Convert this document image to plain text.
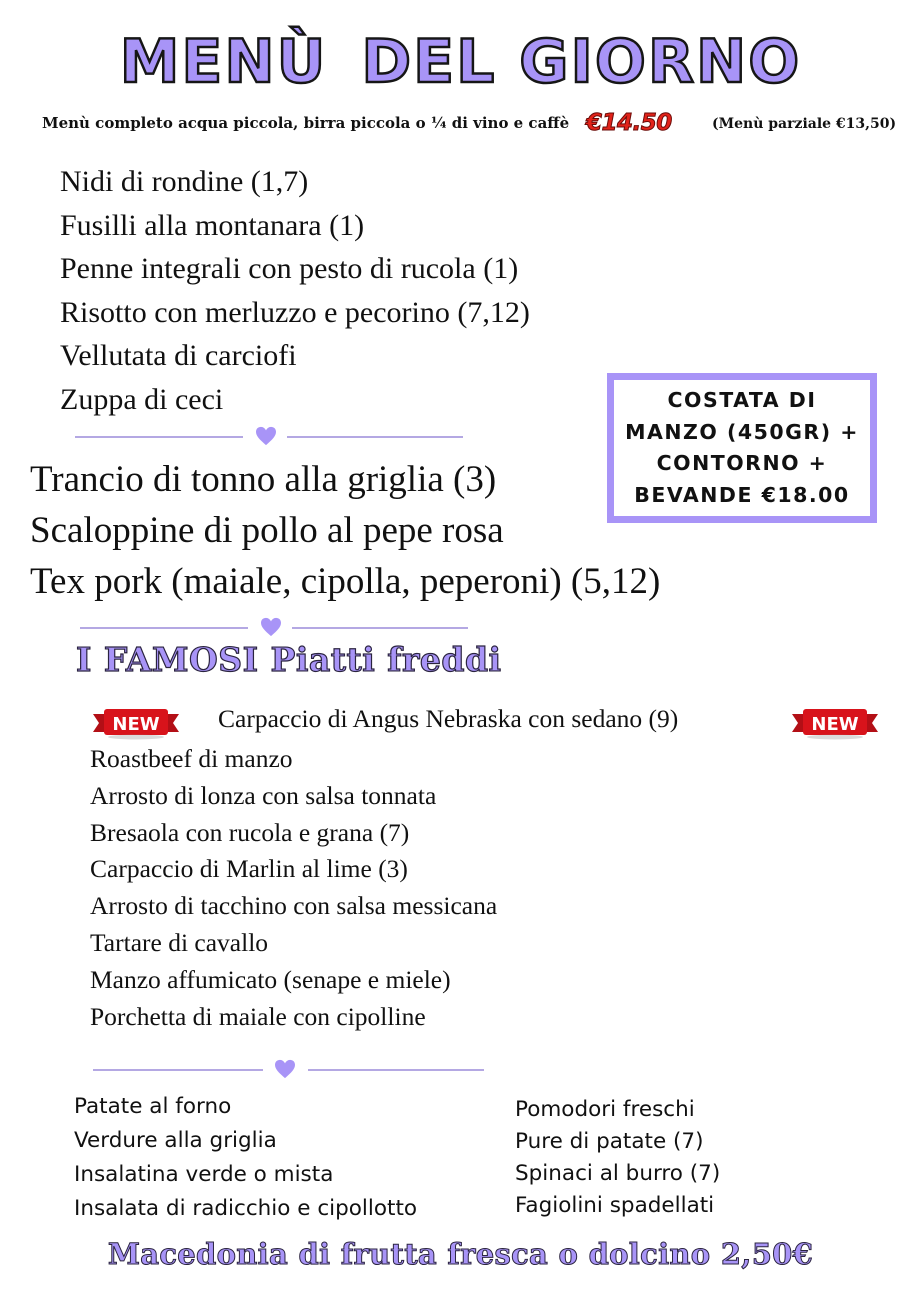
MENÙ DEL GIORNO
Menù completo acqua piccola, birra piccola o ¼ di vino e caffè €14.50	(Menù parziale €13,50)
Nidi di rondine (1,7)
Fusilli alla montanara (1)
Penne integrali con pesto di rucola (1)
Risotto con merluzzo e pecorino (7,12)
Vellutata di carciofi
Zuppa di ceci	COSTATA DI
MANZO (450GR) +
CONTORNO +
BEVANDE €18.00
Trancio di tonno alla griglia (3)
Scaloppine di pollo al pepe rosa
Tex pork (maiale, cipolla, peperoni) (5,12)
I FAMOSI Piatti freddi
NEW Carpaccio di Angus Nebraska con sedano (9)	NEW
Roastbeef di manzo
Arrosto di lonza con salsa tonnata
Bresaola con rucola e grana (7)
Carpaccio di Marlin al lime (3)
Arrosto di tacchino con salsa messicana
Tartare di cavallo
Manzo affumicato (senape e miele)
Porchetta di maiale con cipolline
Patate al forno
Verdure alla griglia
Insalatina verde o mista
Insalata di radicchio e cipollotto
Pomodori freschi
Pure di patate (7)
Spinaci al burro (7)
Fagiolini spadellati
Macedonia di frutta fresca o dolcino 2,50€
